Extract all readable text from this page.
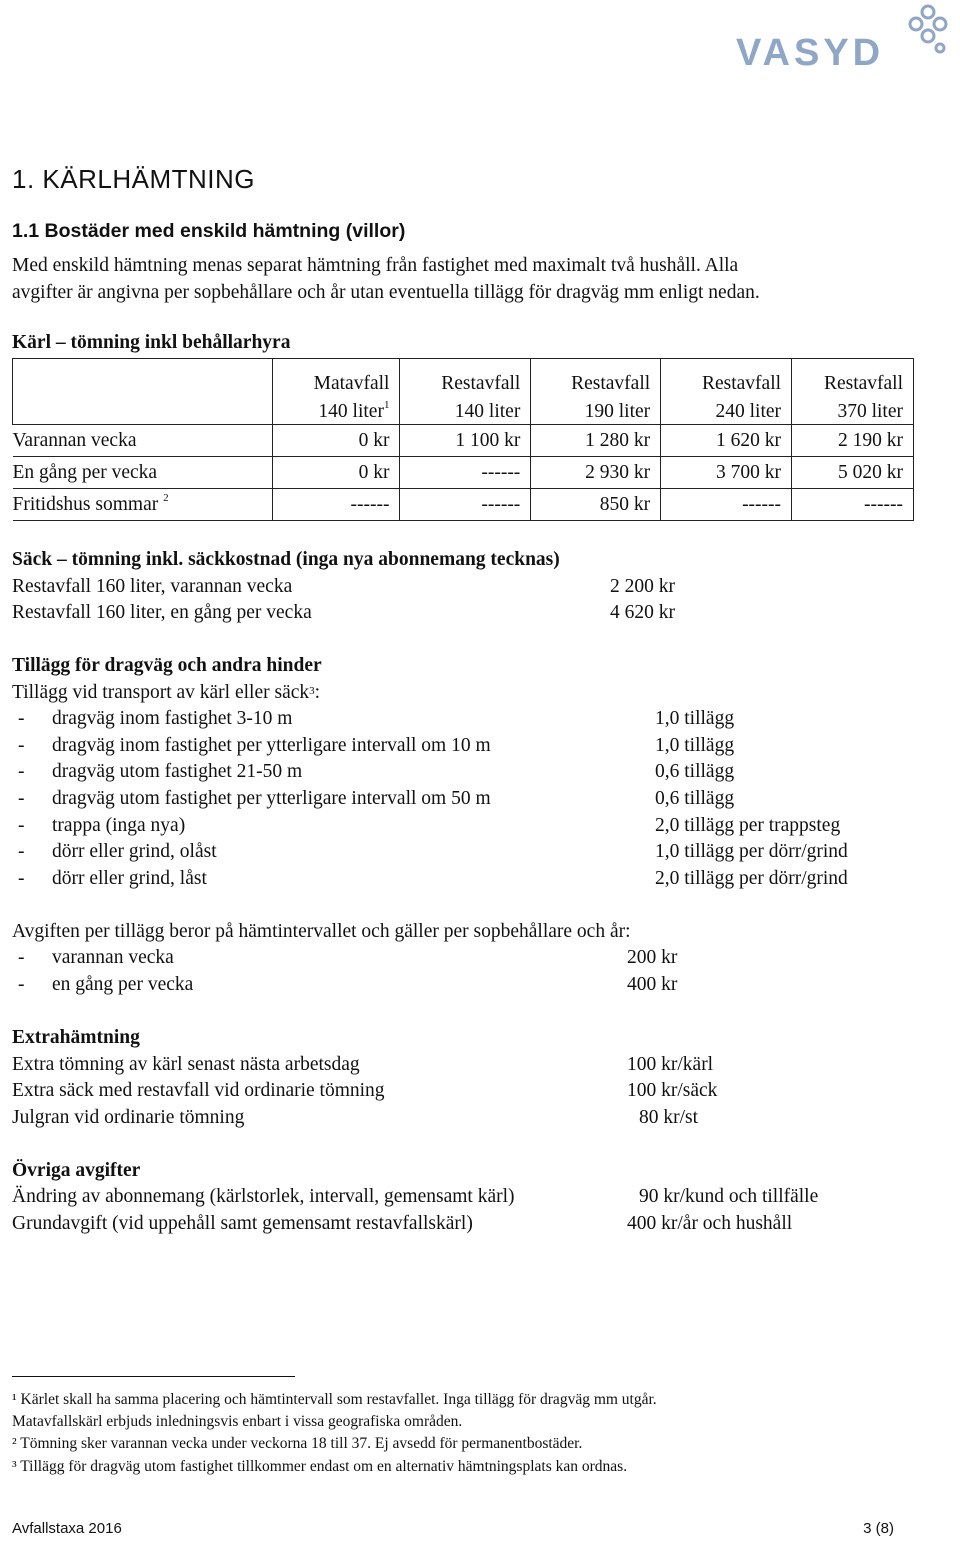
VASYD
1. KÄRLHÄMTNING
1.1 Bostäder med enskild hämtning (villor)
Med enskild hämtning menas separat hämtning från fastighet med maximalt två hushåll. Alla
avgifter är angivna per sopbehållare och år utan eventuella tillägg för dragväg mm enligt nedan.
Kärl – tömning inkl behållarhyra
	Matavfall	Restavfall	Restavfall	Restavfall	Restavfall
	140 liter$^1$	140 liter	190 liter	240 liter	370 liter
Varannan vecka	0 kr	1 100 kr	1 280 kr	1 620 kr	2 190 kr
En gång per vecka	0 kr	------	2 930 kr	3 700 kr	5 020 kr
Fritidshus sommar $^2$	------	------	850 kr	------	------
Säck – tömning inkl. säckkostnad (inga nya abonnemang tecknas)
Restavfall 160 liter, varannan vecka	2 200 kr
Restavfall 160 liter, en gång per vecka	4 620 kr
Tillägg för dragväg och andra hinder
Tillägg vid transport av kärl eller säck$^3$:
- dragväg inom fastighet 3-10 m	1,0 tillägg
- dragväg inom fastighet per ytterligare intervall om 10 m	1,0 tillägg
- dragväg utom fastighet 21-50 m	0,6 tillägg
- dragväg utom fastighet per ytterligare intervall om 50 m	0,6 tillägg
- trappa (inga nya)	2,0 tillägg per trappsteg
- dörr eller grind, olåst	1,0 tillägg per dörr/grind
- dörr eller grind, låst	2,0 tillägg per dörr/grind
Avgiften per tillägg beror på hämtintervallet och gäller per sopbehållare och år:
- varannan vecka	200 kr
- en gång per vecka	400 kr
Extrahämtning
Extra tömning av kärl senast nästa arbetsdag	100 kr/kärl
Extra säck med restavfall vid ordinarie tömning	100 kr/säck
Julgran vid ordinarie tömning	80 kr/st
Övriga avgifter
Ändring av abonnemang (kärlstorlek, intervall, gemensamt kärl)	90 kr/kund och tillfälle
Grundavgift (vid uppehåll samt gemensamt restavfallskärl)	400 kr/år och hushåll
¹ Kärlet skall ha samma placering och hämtintervall som restavfallet. Inga tillägg för dragväg mm utgår.
Matavfallskärl erbjuds inledningsvis enbart i vissa geografiska områden.
² Tömning sker varannan vecka under veckorna 18 till 37. Ej avsedd för permanentbostäder.
³ Tillägg för dragväg utom fastighet tillkommer endast om en alternativ hämtningsplats kan ordnas.
Avfallstaxa 2016	3 (8)
